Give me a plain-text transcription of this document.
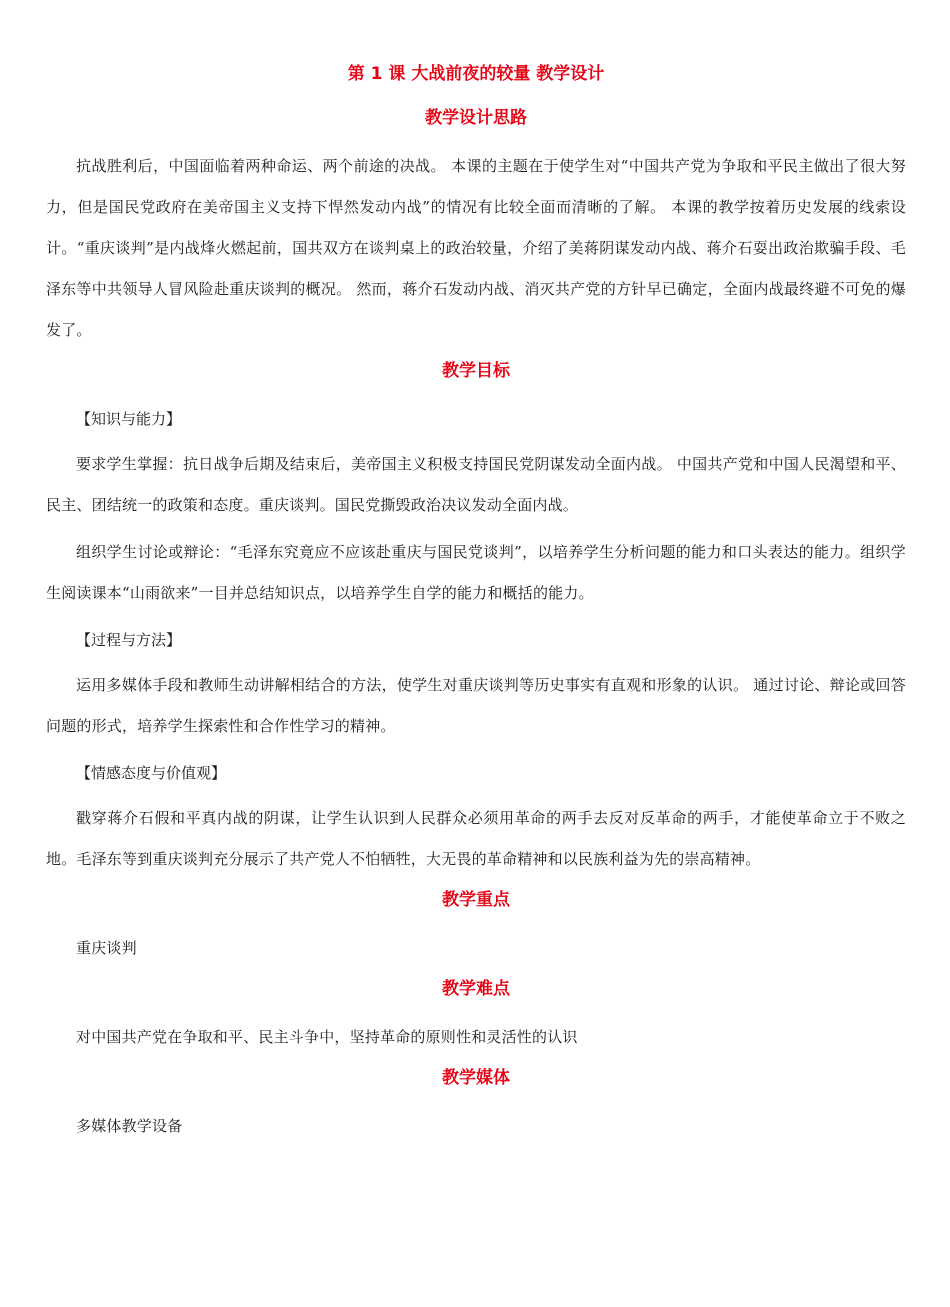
第 1 课 大战前夜的较量 教学设计
教学设计思路

抗战胜利后，中国面临着两种命运、两个前途的决战。 本课的主题在于使学生对“中国共产党为争取和平民主做出了很大努力，但是国民党政府在美帝国主义支持下悍然发动内战”的情况有比较全面而清晰的了解。 本课的教学按着历史发展的线索设计。“重庆谈判”是内战烽火燃起前，国共双方在谈判桌上的政治较量，介绍了美蒋阴谋发动内战、蒋介石耍出政治欺骗手段、毛泽东等中共领导人冒风险赴重庆谈判的概况。 然而，蒋介石发动内战、消灭共产党的方针早已确定，全面内战最终避不可免的爆发了。

教学目标
【知识与能力】

要求学生掌握：抗日战争后期及结束后，美帝国主义积极支持国民党阴谋发动全面内战。 中国共产党和中国人民渴望和平、民主、团结统一的政策和态度。重庆谈判。国民党撕毁政治决议发动全面内战。

组织学生讨论或辩论：“毛泽东究竟应不应该赴重庆与国民党谈判”，以培养学生分析问题的能力和口头表达的能力。组织学生阅读课本“山雨欲来”一目并总结知识点，以培养学生自学的能力和概括的能力。

【过程与方法】

运用多媒体手段和教师生动讲解相结合的方法，使学生对重庆谈判等历史事实有直观和形象的认识。 通过讨论、辩论或回答问题的形式，培养学生探索性和合作性学习的精神。

【情感态度与价值观】

戳穿蒋介石假和平真内战的阴谋，让学生认识到人民群众必须用革命的两手去反对反革命的两手，才能使革命立于不败之地。毛泽东等到重庆谈判充分展示了共产党人不怕牺牲，大无畏的革命精神和以民族利益为先的崇高精神。

教学重点

重庆谈判

教学难点

对中国共产党在争取和平、民主斗争中，坚持革命的原则性和灵活性的认识

教学媒体

多媒体教学设备
